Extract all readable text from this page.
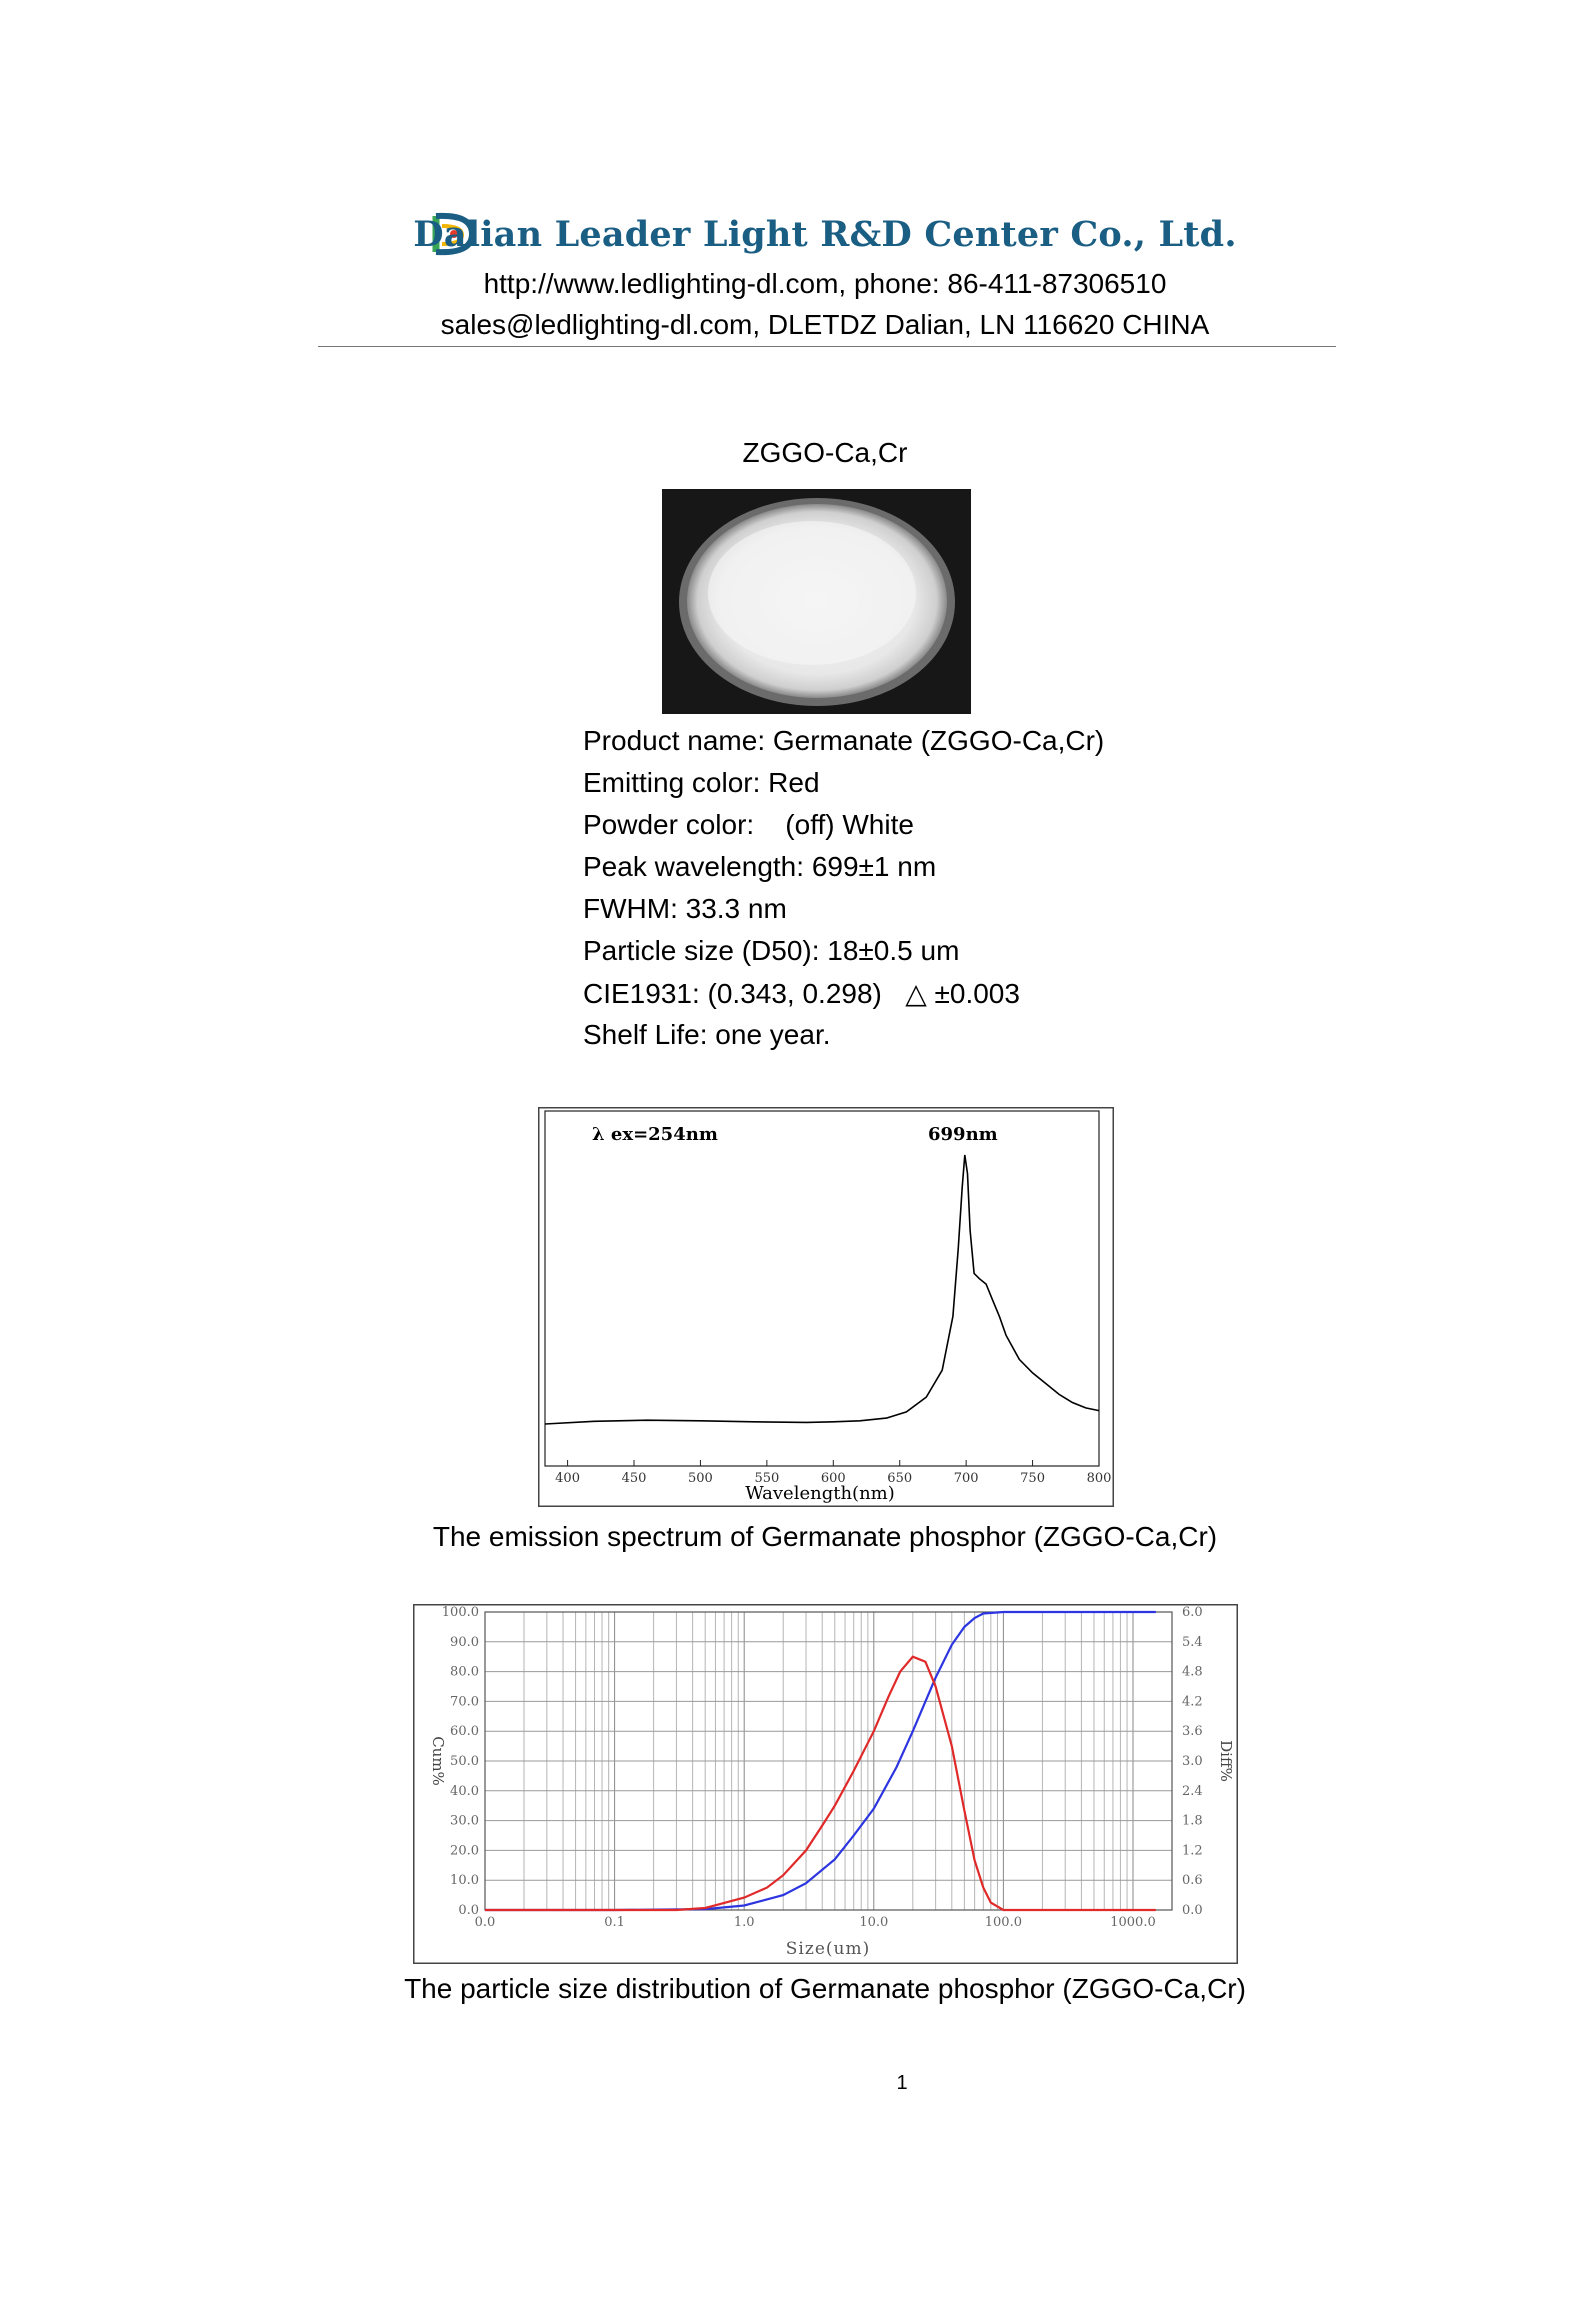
Dalian Leader Light R&D Center Co., Ltd.
http://www.ledlighting-dl.com, phone: 86-411-87306510
sales@ledlighting-dl.com, DLETDZ Dalian, LN 116620 CHINA
ZGGO-Ca,Cr
Product name: Germanate (ZGGO-Ca,Cr)
Emitting color: Red
Powder color:    (off) White
Peak wavelength: 699±1 nm
FWHM: 33.3 nm
Particle size (D50): 18±0.5 um
CIE1931: (0.343, 0.298)   △ ±0.003
Shelf Life: one year.
400	450	500	550	600	650	700	750	800
λ ex=254nm	699nm
Wavelength(nm)
The emission spectrum of Germanate phosphor (ZGGO-Ca,Cr)
0.0	0.1	1.0	10.0	100.0	1000.0
0.0
10.0
20.0
30.0
40.0
50.0
60.0
70.0
80.0
90.0
100.0
0.0
0.6
1.2
1.8
2.4
3.0
3.6
4.2
4.8
5.4
6.0
Cum%	Diff%
Size(um)
The particle size distribution of Germanate phosphor (ZGGO-Ca,Cr)
1
